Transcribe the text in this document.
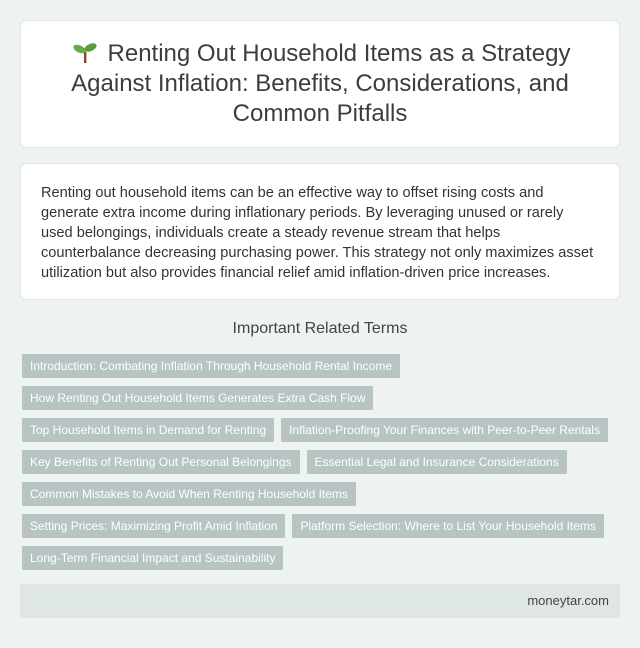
Renting Out Household Items as a Strategy Against Inflation: Benefits, Considerations, and Common Pitfalls

Renting out household items can be an effective way to offset rising costs and generate extra income during inflationary periods. By leveraging unused or rarely used belongings, individuals create a steady revenue stream that helps counterbalance decreasing purchasing power. This strategy not only maximizes asset utilization but also provides financial relief amid inflation-driven price increases.

Important Related Terms
Introduction: Combating Inflation Through Household Rental Income
How Renting Out Household Items Generates Extra Cash Flow
Top Household Items in Demand for Renting Inflation-Proofing Your Finances with Peer-to-Peer Rentals
Key Benefits of Renting Out Personal Belongings Essential Legal and Insurance Considerations
Common Mistakes to Avoid When Renting Household Items
Setting Prices: Maximizing Profit Amid Inflation Platform Selection: Where to List Your Household Items
Long-Term Financial Impact and Sustainability
moneytar.com
